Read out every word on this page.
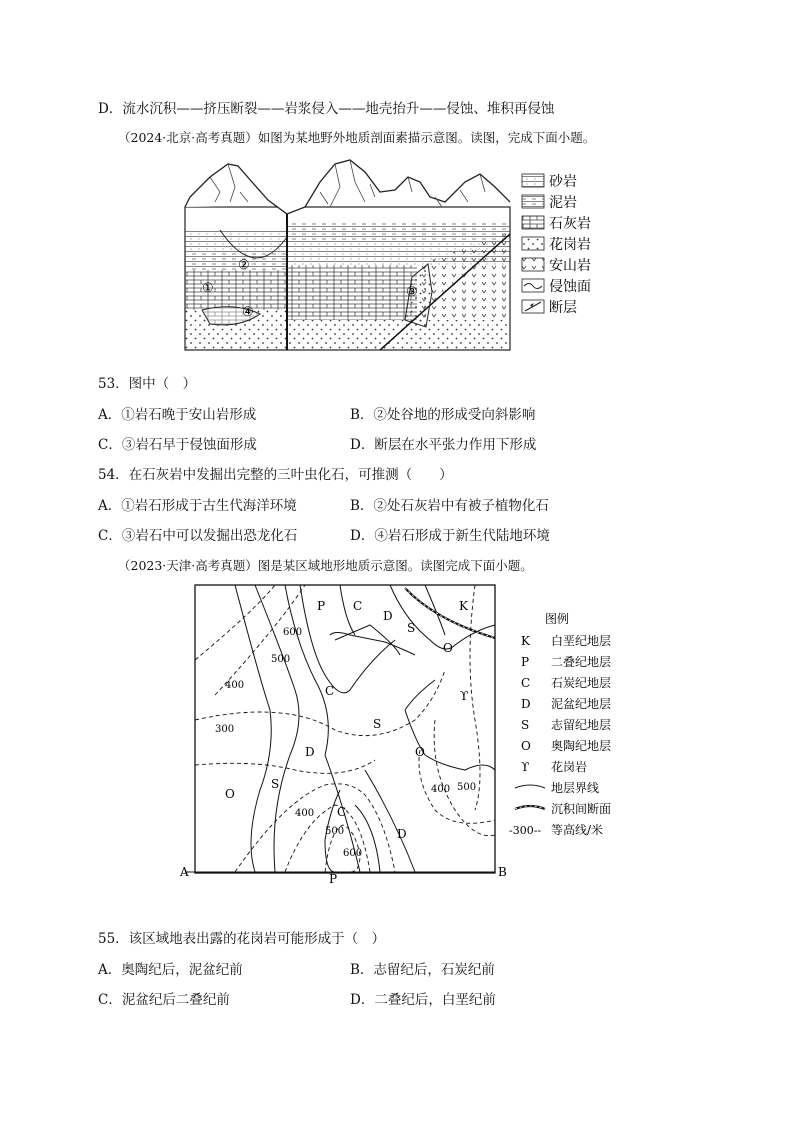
D．流水沉积——挤压断裂——岩浆侵入——地壳抬升——侵蚀、堆积再侵蚀
（2024·北京·高考真题）如图为某地野外地质剖面素描示意图。读图，完成下面小题。
①
②
③
④
砂岩
泥岩
石灰岩
花岗岩
安山岩
侵蚀面
断层
53．图中（　）
A．①岩石晚于安山岩形成	B．②处谷地的形成受向斜影响
C．③岩石早于侵蚀面形成	D．断层在水平张力作用下形成
54．在石灰岩中发掘出完整的三叶虫化石，可推测（　　）
A．①岩石形成于古生代海洋环境	B．②处石灰岩中有被子植物化石
C．③岩石中可以发掘出恐龙化石	D．④岩石形成于新生代陆地环境
（2023·天津·高考真题）图是某区域地形地质示意图。读图完成下面小题。
600
500
400
300
400
500
600
400 500
P C
D
S
K
O
C	ϒ
S
O
O
S
D
C
D
P
A	B
图例
K 白垩纪地层
P 二叠纪地层
C 石炭纪地层
D 泥盆纪地层
S 志留纪地层
O 奥陶纪地层
ϒ 花岗岩
地层界线
沉积间断面
-300-- 等高线/米
55．该区域地表出露的花岗岩可能形成于（　）
A．奥陶纪后，泥盆纪前	B．志留纪后，石炭纪前
C．泥盆纪后二叠纪前	D．二叠纪后，白垩纪前
